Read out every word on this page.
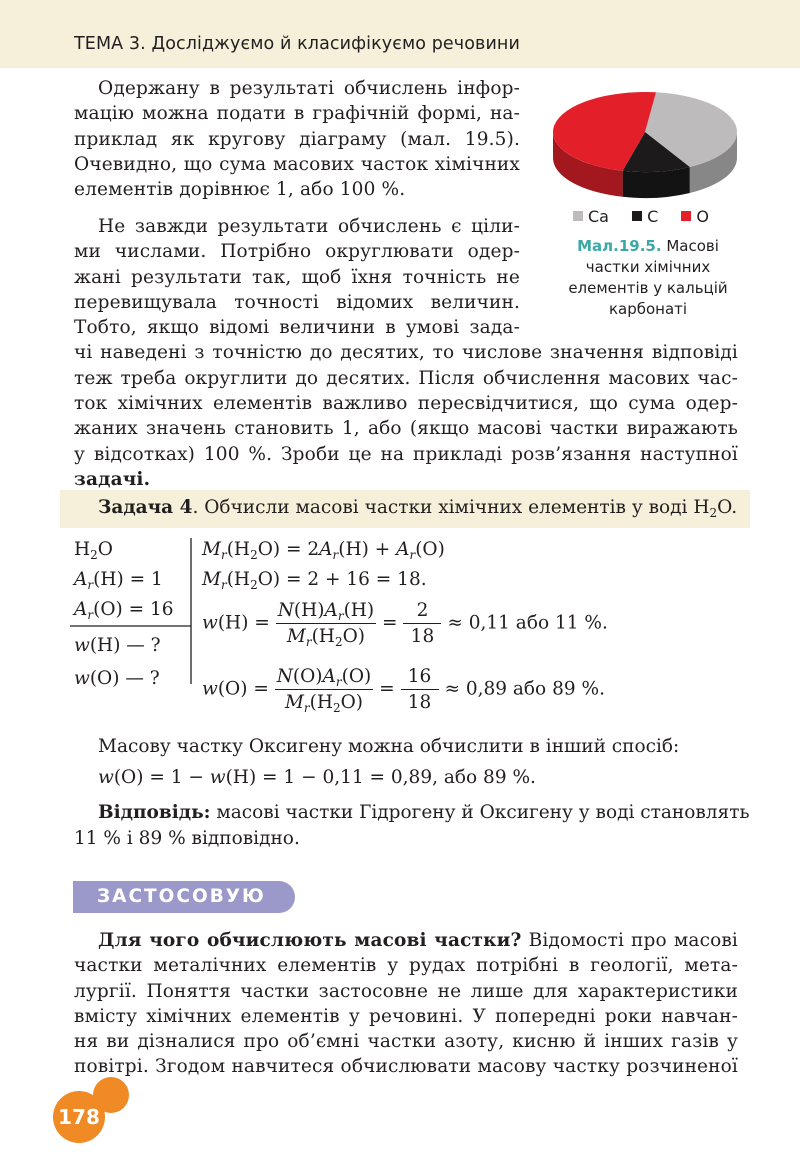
ТЕМА 3. Досліджуємо й класифікуємо речовини
Одержану в результаті обчислень інфор-
мацію можна подати в графічній формі, на-
приклад як кругову діаграму (мал. 19.5).
Очевидно, що сума масових часток хімічних
елементів дорівнює 1, або 100 %.
Ca C O
Мал.19.5. Масові
частки хімічних
елементів у кальцій
карбонаті
Не завжди результати обчислень є ціли-
ми числами. Потрібно округлювати одер-
жані результати так, щоб їхня точність не
перевищувала точності відомих величин.
Тобто, якщо відомі величини в умові зада-
чі наведені з точністю до десятих, то числове значення відповіді
теж треба округлити до десятих. Після обчислення масових час-
ток хімічних елементів важливо пересвідчитися, що сума одер-
жаних значень становить 1, або (якщо масові частки виражають
у відсотках) 100 %. Зроби це на прикладі розв’язання наступної
задачі.
Задача 4. Обчисли масові частки хімічних елементів у воді $H_2O$.
$H_2O$
$A_r(H) = 1$
$A_r(O) = 16$
w(H) — ?
w(O) — ?
$M_r(H_2O) = 2A_r(H) + A_r(O)$
$M_r(H_2O) = 2 + 16 = 18$.
$w(H) = \frac{N(H)A_r(H)}{M_r(H_2O)} = \frac{2}{18} \approx 0,11$ або 11 %.
$w(O) = \frac{N(O)A_r(O)}{M_r(H_2O)} = \frac{16}{18} \approx 0,89$ або 89 %.
Масову частку Оксигену можна обчислити в інший спосіб:
w(O) = 1 − w(H) = 1 − 0,11 = 0,89, або 89 %.
Відповідь: масові частки Гідрогену й Оксигену у воді становлять
11 % і 89 % відповідно.
ЗАСТОСОВУЮ
Для чого обчислюють масові частки? Відомості про масові
частки металічних елементів у рудах потрібні в геології, мета-
лургії. Поняття частки застосовне не лише для характеристики
вмісту хімічних елементів у речовині. У попередні роки навчан-
ня ви дізналися про об’ємні частки азоту, кисню й інших газів у
повітрі. Згодом навчитеся обчислювати масову частку розчиненої
178
